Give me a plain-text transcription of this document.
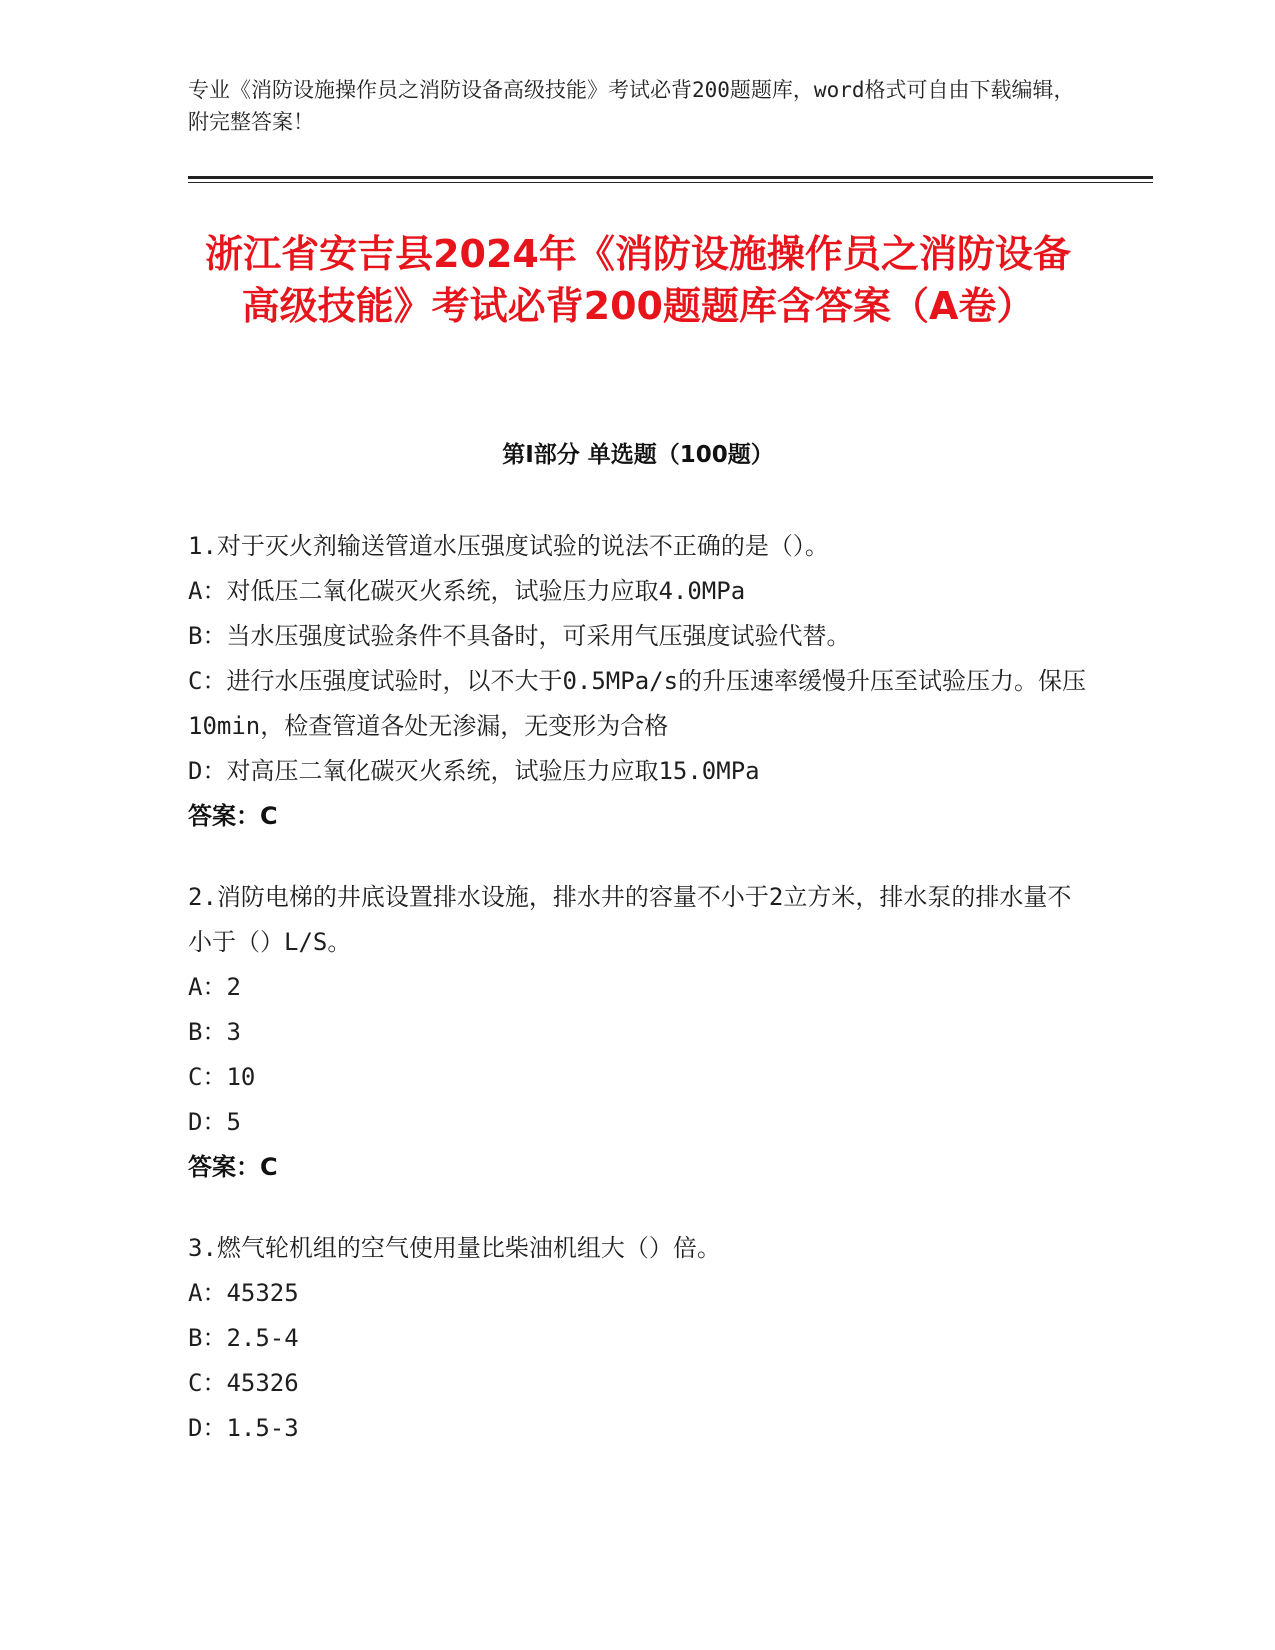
专业《消防设施操作员之消防设备高级技能》考试必背200题题库，word格式可自由下载编辑，附完整答案！
浙江省安吉县2024年《消防设施操作员之消防设备高级技能》考试必背200题题库含答案（A卷）
第I部分 单选题（100题）

1.对于灭火剂输送管道水压强度试验的说法不正确的是（）。

A：对低压二氧化碳灭火系统，试验压力应取4.0MPa

B：当水压强度试验条件不具备时，可采用气压强度试验代替。

C：进行水压强度试验时，以不大于0.5MPa/s的升压速率缓慢升压至试验压力。保压10min，检查管道各处无渗漏，无变形为合格

D：对高压二氧化碳灭火系统，试验压力应取15.0MPa

答案：C

2.消防电梯的井底设置排水设施，排水井的容量不小于2立方米，排水泵的排水量不小于（）L/S。

A：2

B：3

C：10

D：5

答案：C

3.燃气轮机组的空气使用量比柴油机组大（）倍。

A：45325

B：2.5-4

C：45326

D：1.5-3
